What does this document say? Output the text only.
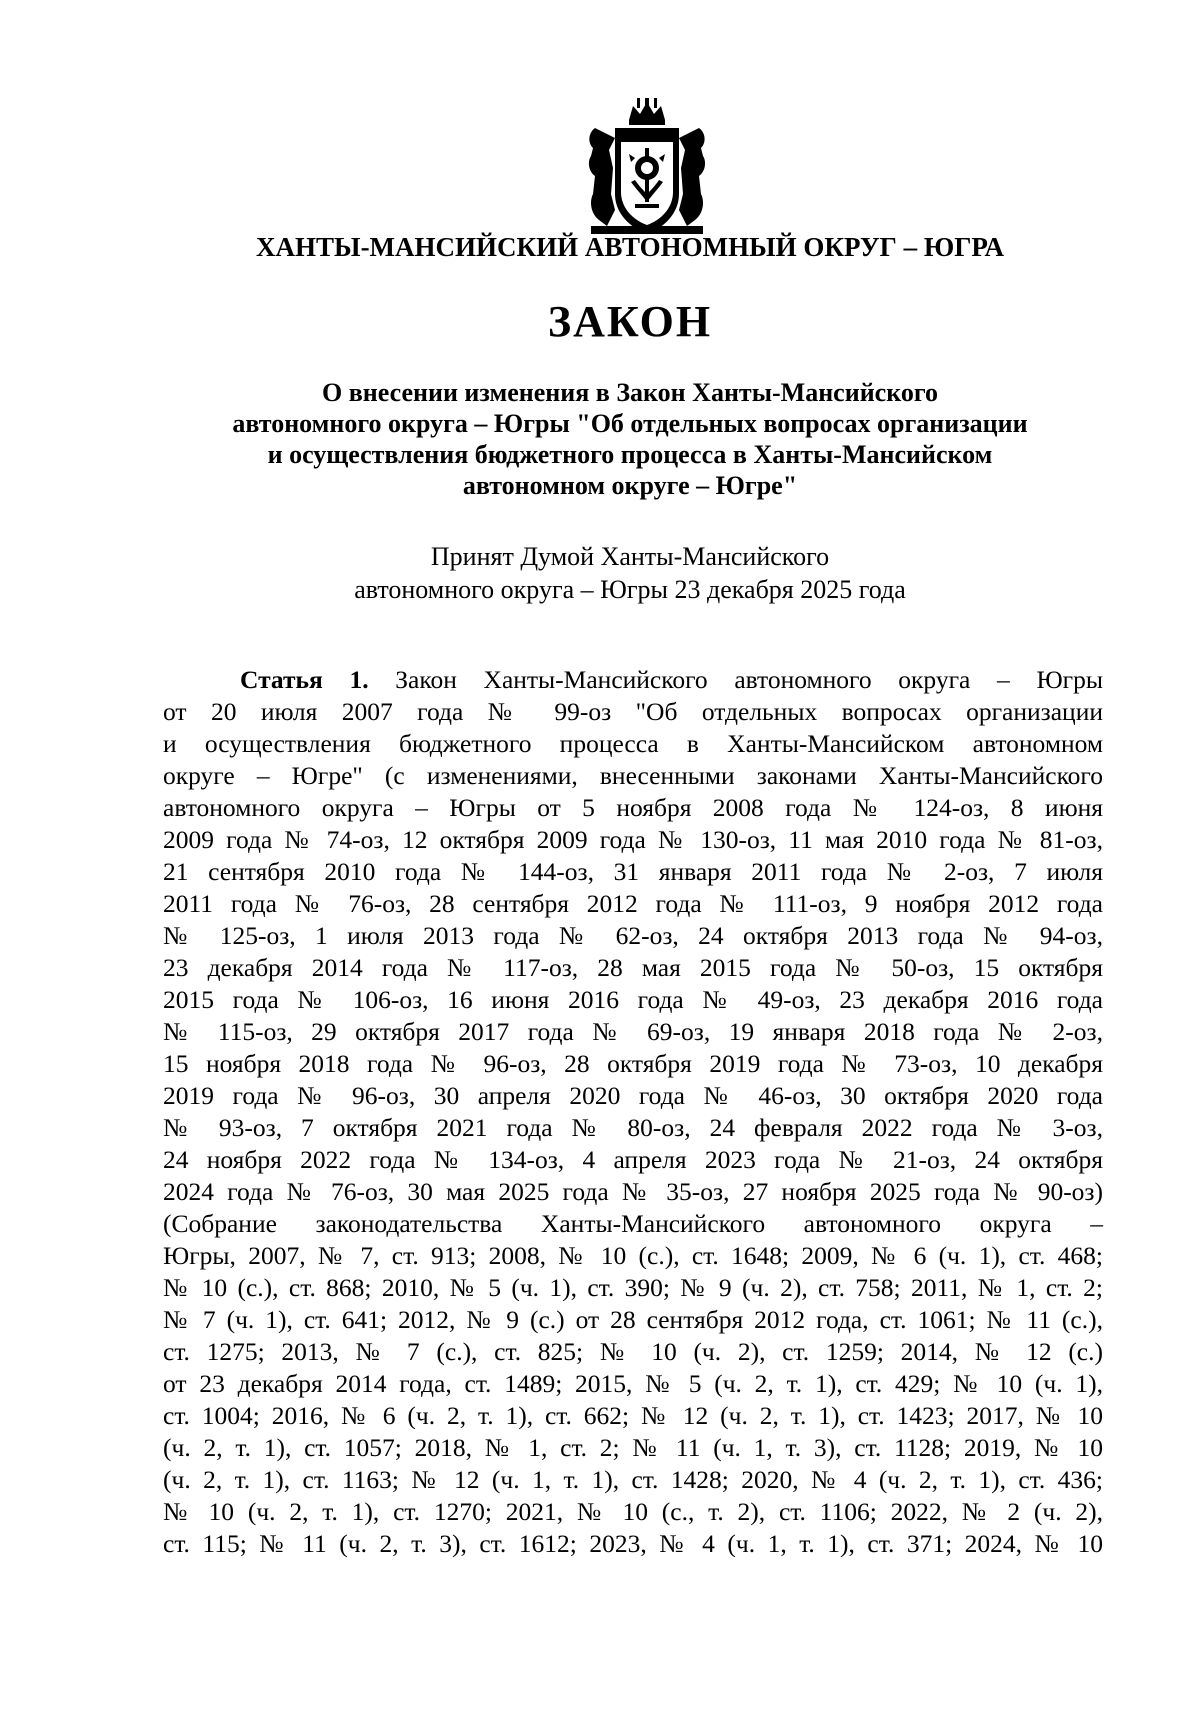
ХАНТЫ-МАНСИЙСКИЙ АВТОНОМНЫЙ ОКРУГ – ЮГРА
ЗАКОН
О внесении изменения в Закон Ханты-Мансийского
автономного округа – Югры "Об отдельных вопросах организации
и осуществления бюджетного процесса в Ханты-Мансийском
автономном округе – Югре"
Принят Думой Ханты-Мансийского
автономного округа – Югры 23 декабря 2025 года
Статья 1. Закон Ханты-Мансийского автономного округа – Югры
от 20 июля 2007 года № 99-оз "Об отдельных вопросах организации
и осуществления бюджетного процесса в Ханты-Мансийском автономном
округе – Югре" (с изменениями, внесенными законами Ханты-Мансийского
автономного округа – Югры от 5 ноября 2008 года № 124-оз, 8 июня
2009 года № 74-оз, 12 октября 2009 года № 130-оз, 11 мая 2010 года № 81-оз,
21 сентября 2010 года № 144-оз, 31 января 2011 года № 2-оз, 7 июля
2011 года № 76-оз, 28 сентября 2012 года № 111-оз, 9 ноября 2012 года
№ 125-оз, 1 июля 2013 года № 62-оз, 24 октября 2013 года № 94-оз,
23 декабря 2014 года № 117-оз, 28 мая 2015 года № 50-оз, 15 октября
2015 года № 106-оз, 16 июня 2016 года № 49-оз, 23 декабря 2016 года
№ 115-оз, 29 октября 2017 года № 69-оз, 19 января 2018 года № 2-оз,
15 ноября 2018 года № 96-оз, 28 октября 2019 года № 73-оз, 10 декабря
2019 года № 96-оз, 30 апреля 2020 года № 46-оз, 30 октября 2020 года
№ 93-оз, 7 октября 2021 года № 80-оз, 24 февраля 2022 года № 3-оз,
24 ноября 2022 года № 134-оз, 4 апреля 2023 года № 21-оз, 24 октября
2024 года № 76-оз, 30 мая 2025 года № 35-оз, 27 ноября 2025 года № 90-оз)
(Собрание законодательства Ханты-Мансийского автономного округа –
Югры, 2007, № 7, ст. 913; 2008, № 10 (с.), ст. 1648; 2009, № 6 (ч. 1), ст. 468;
№ 10 (с.), ст. 868; 2010, № 5 (ч. 1), ст. 390; № 9 (ч. 2), ст. 758; 2011, № 1, ст. 2;
№ 7 (ч. 1), ст. 641; 2012, № 9 (с.) от 28 сентября 2012 года, ст. 1061; № 11 (с.),
ст. 1275; 2013, № 7 (с.), ст. 825; № 10 (ч. 2), ст. 1259; 2014, № 12 (с.)
от 23 декабря 2014 года, ст. 1489; 2015, № 5 (ч. 2, т. 1), ст. 429; № 10 (ч. 1),
ст. 1004; 2016, № 6 (ч. 2, т. 1), ст. 662; № 12 (ч. 2, т. 1), ст. 1423; 2017, № 10
(ч. 2, т. 1), ст. 1057; 2018, № 1, ст. 2; № 11 (ч. 1, т. 3), ст. 1128; 2019, № 10
(ч. 2, т. 1), ст. 1163; № 12 (ч. 1, т. 1), ст. 1428; 2020, № 4 (ч. 2, т. 1), ст. 436;
№ 10 (ч. 2, т. 1), ст. 1270; 2021, № 10 (с., т. 2), ст. 1106; 2022, № 2 (ч. 2),
ст. 115; № 11 (ч. 2, т. 3), ст. 1612; 2023, № 4 (ч. 1, т. 1), ст. 371; 2024, № 10
